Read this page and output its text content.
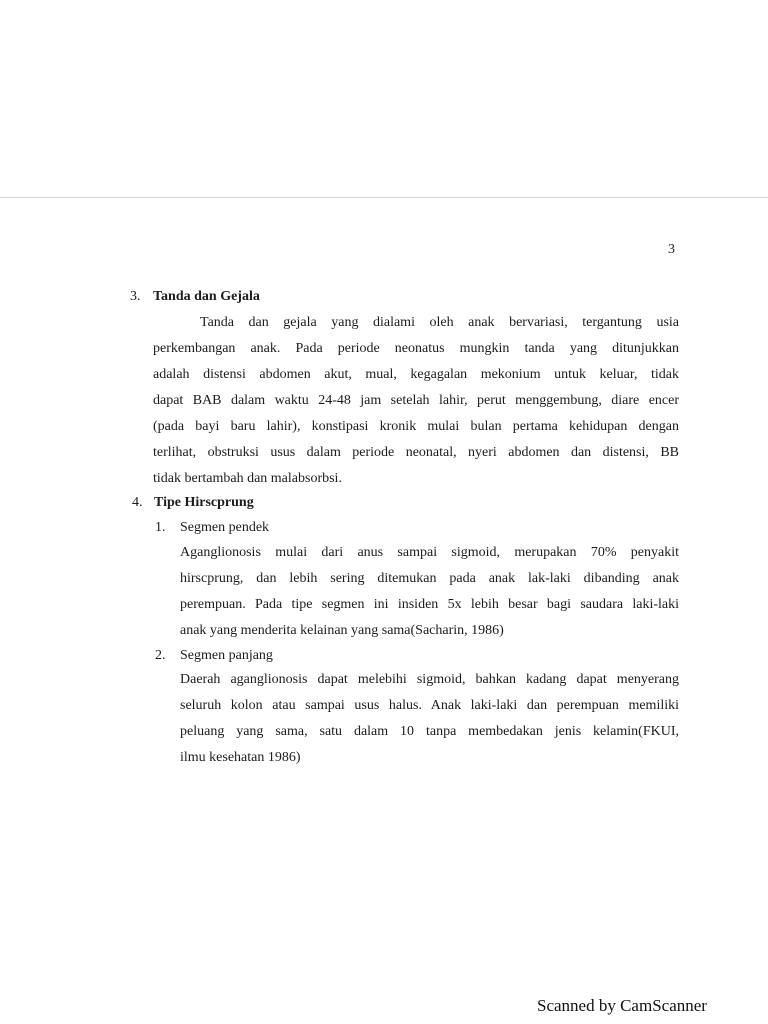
3
3. Tanda dan Gejala
Tanda dan gejala yang dialami oleh anak bervariasi, tergantung usia
perkembangan anak. Pada periode neonatus mungkin tanda yang ditunjukkan
adalah distensi abdomen akut, mual, kegagalan mekonium untuk keluar, tidak
dapat BAB dalam waktu 24-48 jam setelah lahir, perut menggembung, diare encer
(pada bayi baru lahir), konstipasi kronik mulai bulan pertama kehidupan dengan
terlihat, obstruksi usus dalam periode neonatal, nyeri abdomen dan distensi, BB
tidak bertambah dan malabsorbsi.
4. Tipe Hirscprung
1. Segmen pendek
Aganglionosis mulai dari anus sampai sigmoid, merupakan 70% penyakit
hirscprung, dan lebih sering ditemukan pada anak lak-laki dibanding anak
perempuan. Pada tipe segmen ini insiden 5x lebih besar bagi saudara laki-laki
anak yang menderita kelainan yang sama(Sacharin, 1986)
2. Segmen panjang
Daerah aganglionosis dapat melebihi sigmoid, bahkan kadang dapat menyerang
seluruh kolon atau sampai usus halus. Anak laki-laki dan perempuan memiliki
peluang yang sama, satu dalam 10 tanpa membedakan jenis kelamin(FKUI,
ilmu kesehatan 1986)
Scanned by CamScanner
